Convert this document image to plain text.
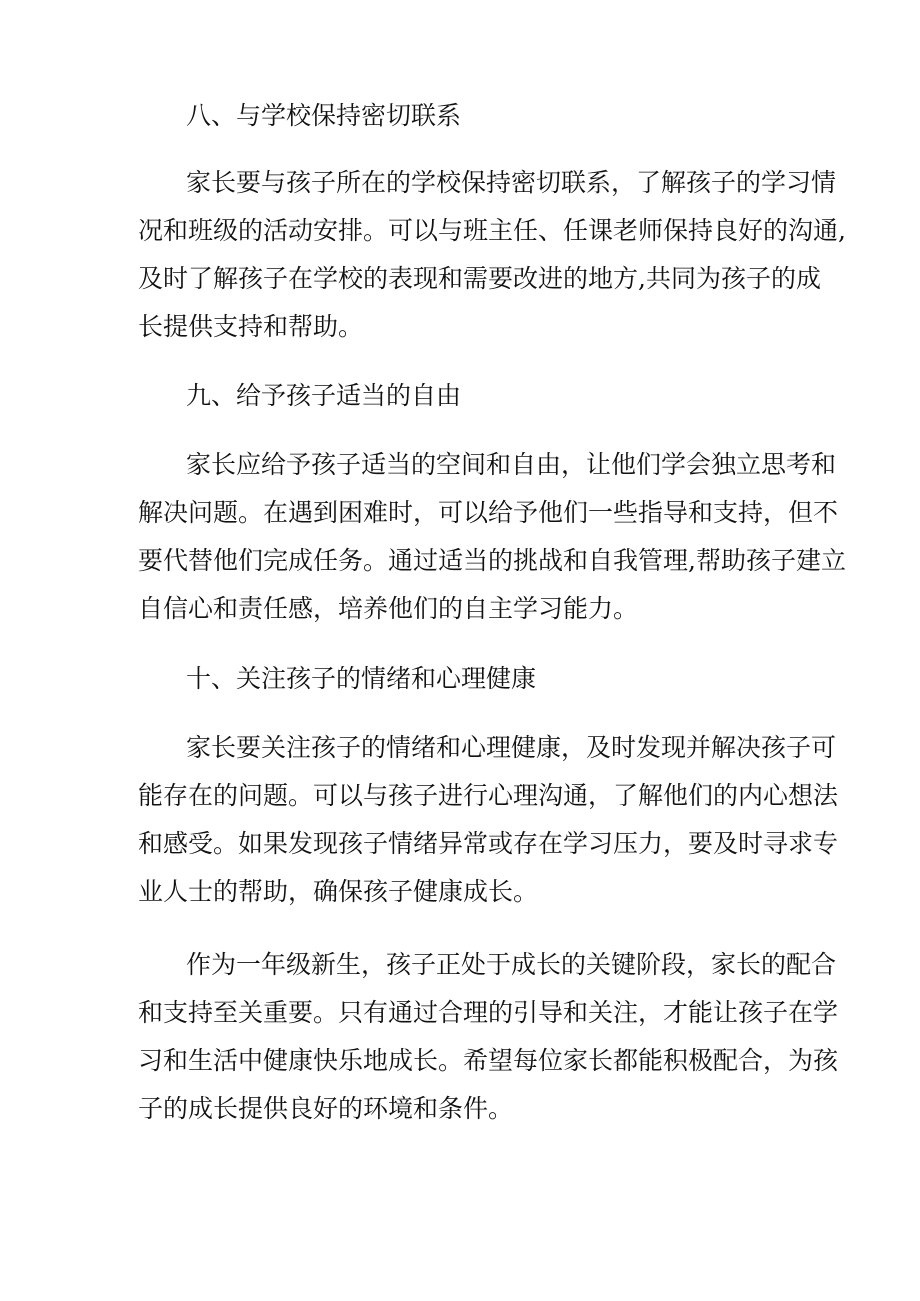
八、与学校保持密切联系
家长要与孩子所在的学校保持密切联系，了解孩子的学习情
况和班级的活动安排。可以与班主任、任课老师保持良好的沟通,
及时了解孩子在学校的表现和需要改进的地方,共同为孩子的成
长提供支持和帮助。
九、给予孩子适当的自由
家长应给予孩子适当的空间和自由，让他们学会独立思考和
解决问题。在遇到困难时，可以给予他们一些指导和支持，但不
要代替他们完成任务。通过适当的挑战和自我管理,帮助孩子建立
自信心和责任感，培养他们的自主学习能力。
十、关注孩子的情绪和心理健康
家长要关注孩子的情绪和心理健康，及时发现并解决孩子可
能存在的问题。可以与孩子进行心理沟通，了解他们的内心想法
和感受。如果发现孩子情绪异常或存在学习压力，要及时寻求专
业人士的帮助，确保孩子健康成长。
作为一年级新生，孩子正处于成长的关键阶段，家长的配合
和支持至关重要。只有通过合理的引导和关注，才能让孩子在学
习和生活中健康快乐地成长。希望每位家长都能积极配合，为孩
子的成长提供良好的环境和条件。
